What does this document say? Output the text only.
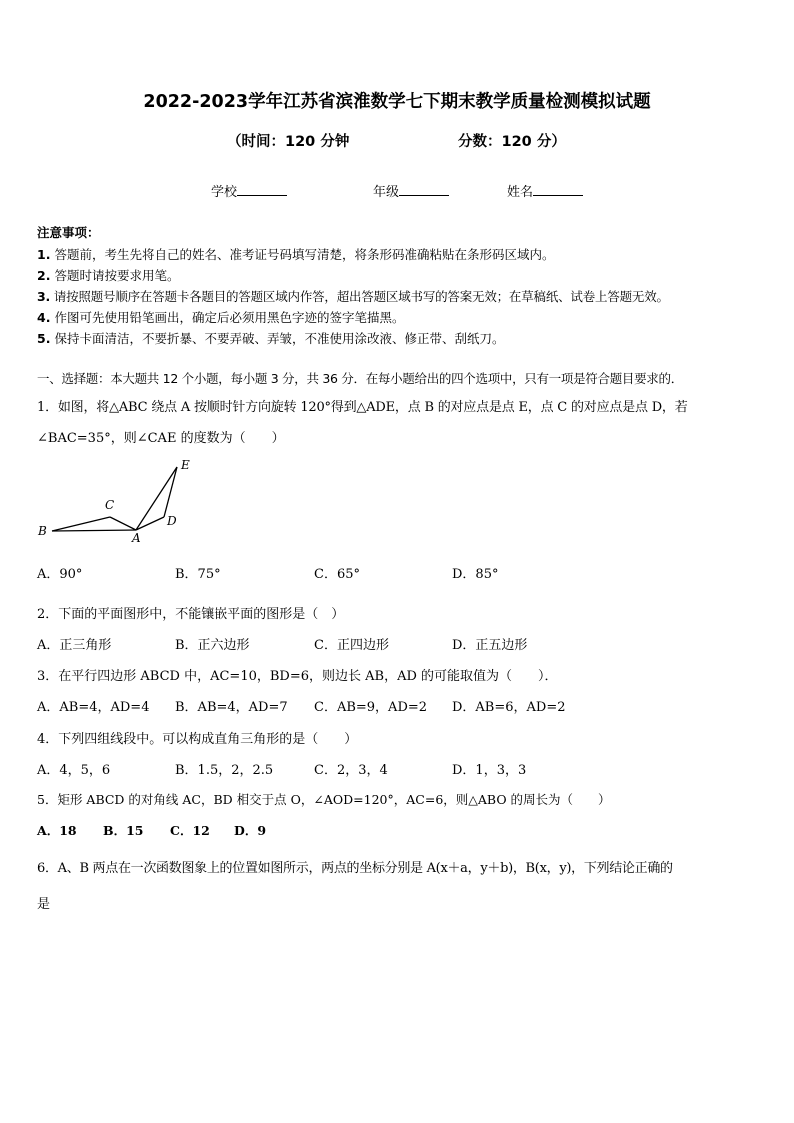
2022-2023学年江苏省滨淮数学七下期末教学质量检测模拟试题
（时间：120 分钟	分数：120 分）
学校	年级	姓名
注意事项：
1. 答题前，考生先将自己的姓名、准考证号码填写清楚，将条形码准确粘贴在条形码区域内。
2. 答题时请按要求用笔。
3. 请按照题号顺序在答题卡各题目的答题区域内作答，超出答题区域书写的答案无效；在草稿纸、试卷上答题无效。
4. 作图可先使用铅笔画出，确定后必须用黑色字迹的签字笔描黑。
5. 保持卡面清洁，不要折暴、不要弄破、弄皱，不准使用涂改液、修正带、刮纸刀。
一、选择题：本大题共 12 个小题，每小题 3 分，共 36 分．在每小题给出的四个选项中，只有一项是符合题目要求的．
1．如图，将△ABC 绕点 A 按顺时针方向旋转 120°得到△ADE，点 B 的对应点是点 E，点 C 的对应点是点 D，若
∠BAC=35°，则∠CAE 的度数为（　　）
E
C
D
B	A
A．90°	B．75°	C．65°	D．85°
2．下面的平面图形中，不能镶嵌平面的图形是（　）
A．正三角形	B．正六边形	C．正四边形	D．正五边形
3．在平行四边形 ABCD 中，AC=10，BD=6，则边长 AB，AD 的可能取值为（　　）．
A．AB=4，AD=4 B．AB=4，AD=7 C．AB=9，AD=2 D．AB=6，AD=2
4．下列四组线段中。可以构成直角三角形的是（　　）
A．4，5，6	B．1.5，2，2.5	C．2，3，4	D．1，3，3
5．矩形 ABCD 的对角线 AC，BD 相交于点 O，∠AOD=120°，AC=6，则△ABO 的周长为（　　）
A．18 B．15 C．12 D．9
6．A、B 两点在一次函数图象上的位置如图所示，两点的坐标分别是 A(x＋a，y＋b)，B(x，y)，下列结论正确的
是
